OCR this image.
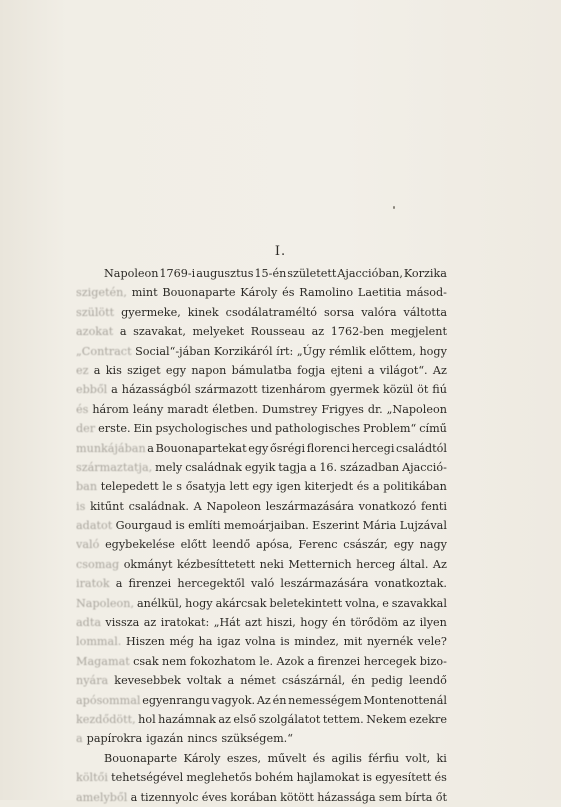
I.
Napoleon 1769-i augusztus 15-én született Ajaccióban, Korzika
szigetén, mint Bouonaparte Károly és Ramolino Laetitia másod-
szülött gyermeke, kinek csodálatraméltó sorsa valóra váltotta
azokat a szavakat, melyeket Rousseau az 1762-ben megjelent
„Contract Social“-jában Korzikáról írt: „Úgy rémlik előttem, hogy
ez a kis sziget egy napon bámulatba fogja ejteni a világot“. Az
ebből a házasságból származott tizenhárom gyermek közül öt fiú
és három leány maradt életben. Dumstrey Frigyes dr. „Napoleon
der erste. Ein psychologisches und pathologisches Problem“ című
munkájában a Bouonapartekat egy ősrégi florenci hercegi családtól
származtatja, mely családnak egyik tagja a 16. században Ajacció-
ban telepedett le s ősatyja lett egy igen kiterjedt és a politikában
is kitűnt családnak. A Napoleon leszármazására vonatkozó fenti
adatot Gourgaud is említi memoárjaiban. Eszerint Mária Lujzával
való egybekelése előtt leendő apósa, Ferenc császár, egy nagy
csomag okmányt kézbesíttetett neki Metternich herceg által. Az
iratok a firenzei hercegektől való leszármazására vonatkoztak.
Napoleon, anélkül, hogy akárcsak beletekintett volna, e szavakkal
adta vissza az iratokat: „Hát azt hiszi, hogy én törődöm az ilyen
lommal. Hiszen még ha igaz volna is mindez, mit nyernék vele?
Magamat csak nem fokozhatom le. Azok a firenzei hercegek bizo-
nyára kevesebbek voltak a német császárnál, én pedig leendő
apósommal egyenrangu vagyok. Az én nemességem Montenottenál
kezdődött, hol hazámnak az első szolgálatot tettem. Nekem ezekre
a papírokra igazán nincs szükségem.“
Bouonaparte Károly eszes, művelt és agilis férfiu volt, ki
költői tehetségével meglehetős bohém hajlamokat is egyesített és
amelyből a tizennyolc éves korában kötött házassága sem bírta őt
